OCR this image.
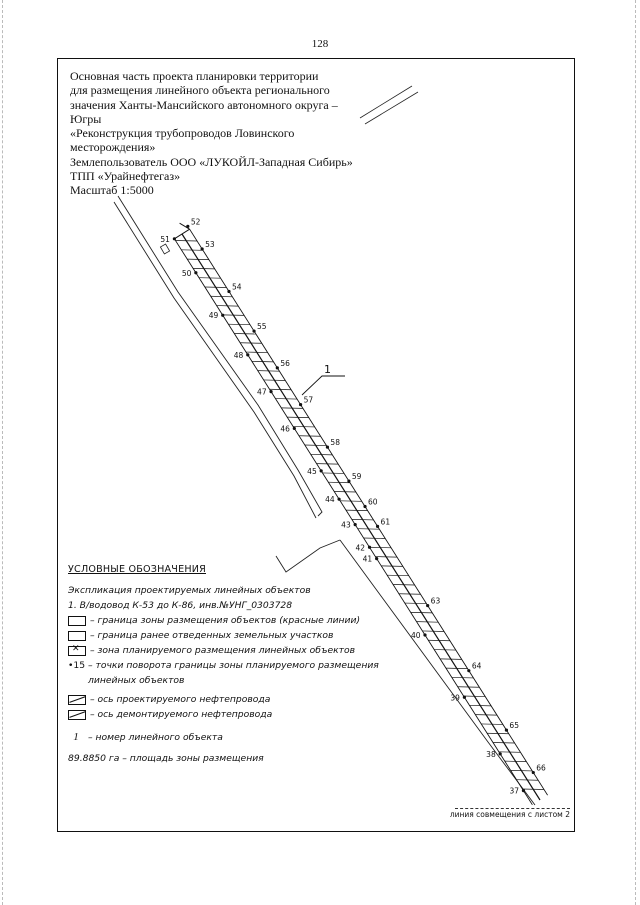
128
Основная часть проекта планировки территории
для размещения линейного объекта регионального
значения Ханты-Мансийского автономного округа –
Югры
«Реконструкция трубопроводов Ловинского
месторождения»
Землепользователь ООО «ЛУКОЙЛ-Западная Сибирь»
ТПП «Урайнефтегаз»
Масштаб 1:5000
52
53
54
55
56
57
58
59
60
61
63
64
65
66
51
50
49
48
47
46
45
44
43
42
41
40
39
38
37
1
УСЛОВНЫЕ ОБОЗНАЧЕНИЯ
Экспликация проектируемых линейных объектов
1. В/водовод К-53 до К-86, инв.№УНГ_0303728
– граница зоны размещения объектов (красные линии)
– граница ранее отведенных земельных участков
✕– зона планируемого размещения линейных объектов
•15 – точки поворота границы зоны планируемого размещения
линейных объектов
– ось проектируемого нефтепровода
– ось демонтируемого нефтепровода
1 – номер линейного объекта
89.8850 га – площадь зоны размещения
линия совмещения с листом 2
